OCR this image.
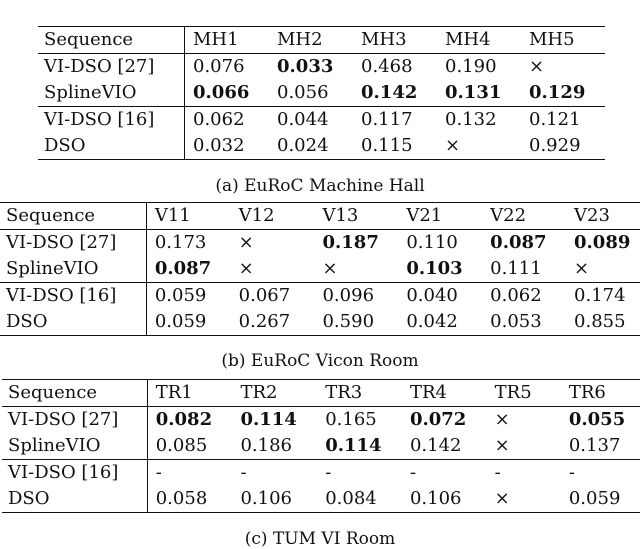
Sequence	MH1	MH2	MH3	MH4	MH5
VI-DSO [27]	0.076	0.033	0.468	0.190	×
SplineVIO	0.066	0.056	0.142	0.131	0.129
VI-DSO [16]	0.062	0.044	0.117	0.132	0.121
DSO	0.032	0.024	0.115	×	0.929
(a) EuRoC Machine Hall
Sequence	V11	V12	V13	V21	V22	V23
VI-DSO [27]	0.173	×	0.187	0.110	0.087	0.089
SplineVIO	0.087	×	×	0.103	0.111	×
VI-DSO [16]	0.059	0.067	0.096	0.040	0.062	0.174
DSO	0.059	0.267	0.590	0.042	0.053	0.855
(b) EuRoC Vicon Room
Sequence	TR1	TR2	TR3	TR4	TR5	TR6
VI-DSO [27]	0.082	0.114	0.165	0.072	×	0.055
SplineVIO	0.085	0.186	0.114	0.142	×	0.137
VI-DSO [16]	-	-	-	-	-	-
DSO	0.058	0.106	0.084	0.106	×	0.059
(c) TUM VI Room
